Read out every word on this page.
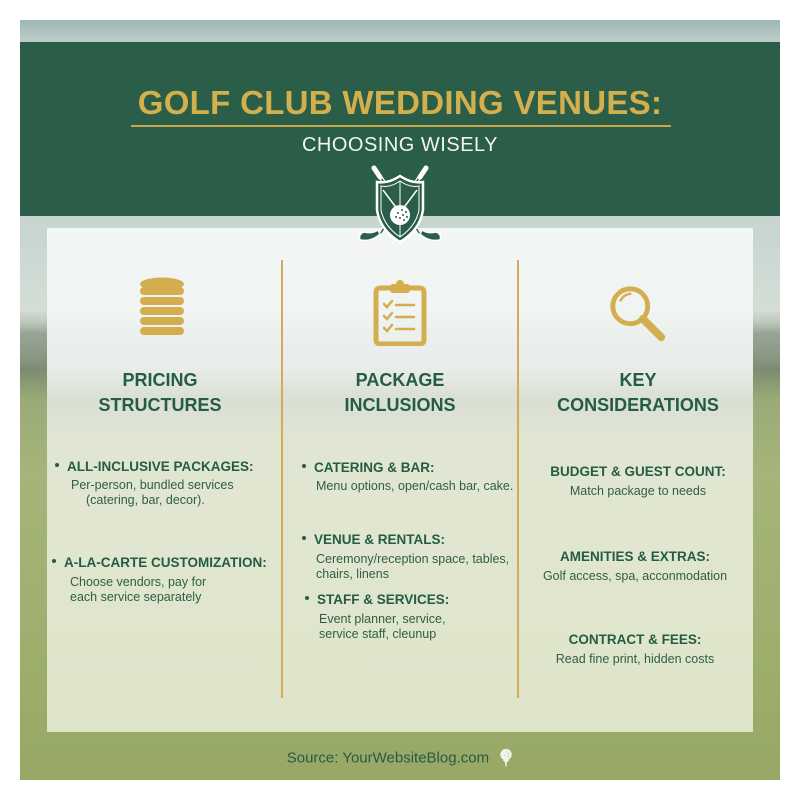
GOLF CLUB WEDDING VENUES:
CHOOSING WISELY
PRICING
STRUCTURES
ALL-INCLUSIVE PACKAGES:
Per-person, bundled services
(catering, bar, decor).
A-LA-CARTE CUSTOMIZATION:
Choose vendors, pay for
each service separately
PACKAGE
INCLUSIONS
CATERING & BAR:
Menu options, open/cash bar, cake.
VENUE & RENTALS:
Ceremony/reception space, tables,
chairs, linens
STAFF & SERVICES:
Event planner, service,
service staff, cleunup
KEY
CONSIDERATIONS
BUDGET & GUEST COUNT:
Match package to needs
AMENITIES & EXTRAS:
Golf access, spa, acconmodation
CONTRACT & FEES:
Read fine print, hidden costs
Source: YourWebsiteBlog.com
